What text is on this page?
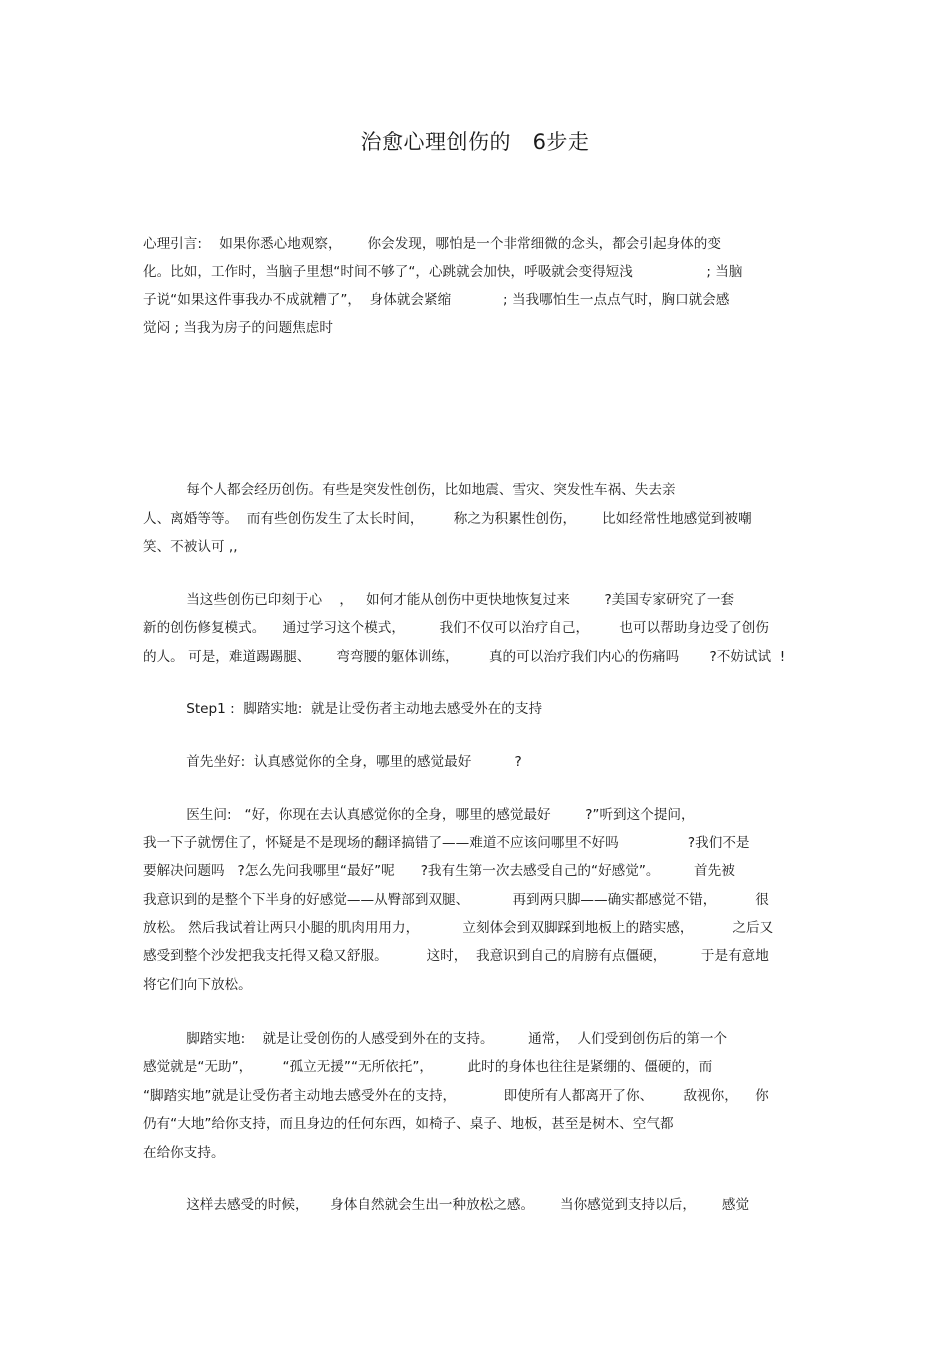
治愈心理创伤的   6步走

心理引言:    如果你悉心地观察，      你会发现，哪怕是一个非常细微的念头，都会引起身体的变

化。比如，工作时，当脑子里想“时间不够了“，心跳就会加快，呼吸就会变得短浅                 ; 当脑

子说“如果这件事我办不成就糟了”，  身体就会紧缩            ; 当我哪怕生一点点气时，胸口就会感

觉闷 ; 当我为房子的问题焦虑时

每个人都会经历创伤。有些是突发性创伤，比如地震、雪灾、突发性车祸、失去亲

人、离婚等等。  而有些创伤发生了太长时间，       称之为积累性创伤，      比如经常性地感觉到被嘲

笑、不被认可 ,,

当这些创伤已印刻于心    ，   如何才能从创伤中更快地恢复过来        ?美国专家研究了一套

新的创伤修复模式。    通过学习这个模式，        我们不仅可以治疗自己，       也可以帮助身边受了创伤

的人。 可是，难道踢踢腿、      弯弯腰的躯体训练，       真的可以治疗我们内心的伤痛吗       ?不妨试试  !

Step1 :  脚踏实地:  就是让受伤者主动地去感受外在的支持

首先坐好:  认真感觉你的全身，哪里的感觉最好          ?

医生问:   “好，你现在去认真感觉你的全身，哪里的感觉最好        ?”听到这个提问，

我一下子就愣住了，怀疑是不是现场的翻译搞错了——难道不应该问哪里不好吗                ?我们不是

要解决问题吗   ?怎么先问我哪里“最好”呢      ?我有生第一次去感受自己的“好感觉”。        首先被

我意识到的是整个下半身的好感觉——从臀部到双腿、          再到两只脚——确实都感觉不错，         很

放松。 然后我试着让两只小腿的肌肉用用力，          立刻体会到双脚踩到地板上的踏实感，         之后又

感受到整个沙发把我支托得又稳又舒服。         这时，  我意识到自己的肩膀有点僵硬，        于是有意地

将它们向下放松。

脚踏实地:    就是让受创伤的人感受到外在的支持。        通常，  人们受到创伤后的第一个

感觉就是“无助”，       “孤立无援”“无所依托”，        此时的身体也往往是紧绷的、僵硬的，而

“脚踏实地”就是让受伤者主动地去感受外在的支持，           即使所有人都离开了你、       敌视你，    你

仍有“大地”给你支持，而且身边的任何东西，如椅子、桌子、地板，甚至是树木、空气都

在给你支持。

这样去感受的时候，     身体自然就会生出一种放松之感。      当你感觉到支持以后，      感觉
